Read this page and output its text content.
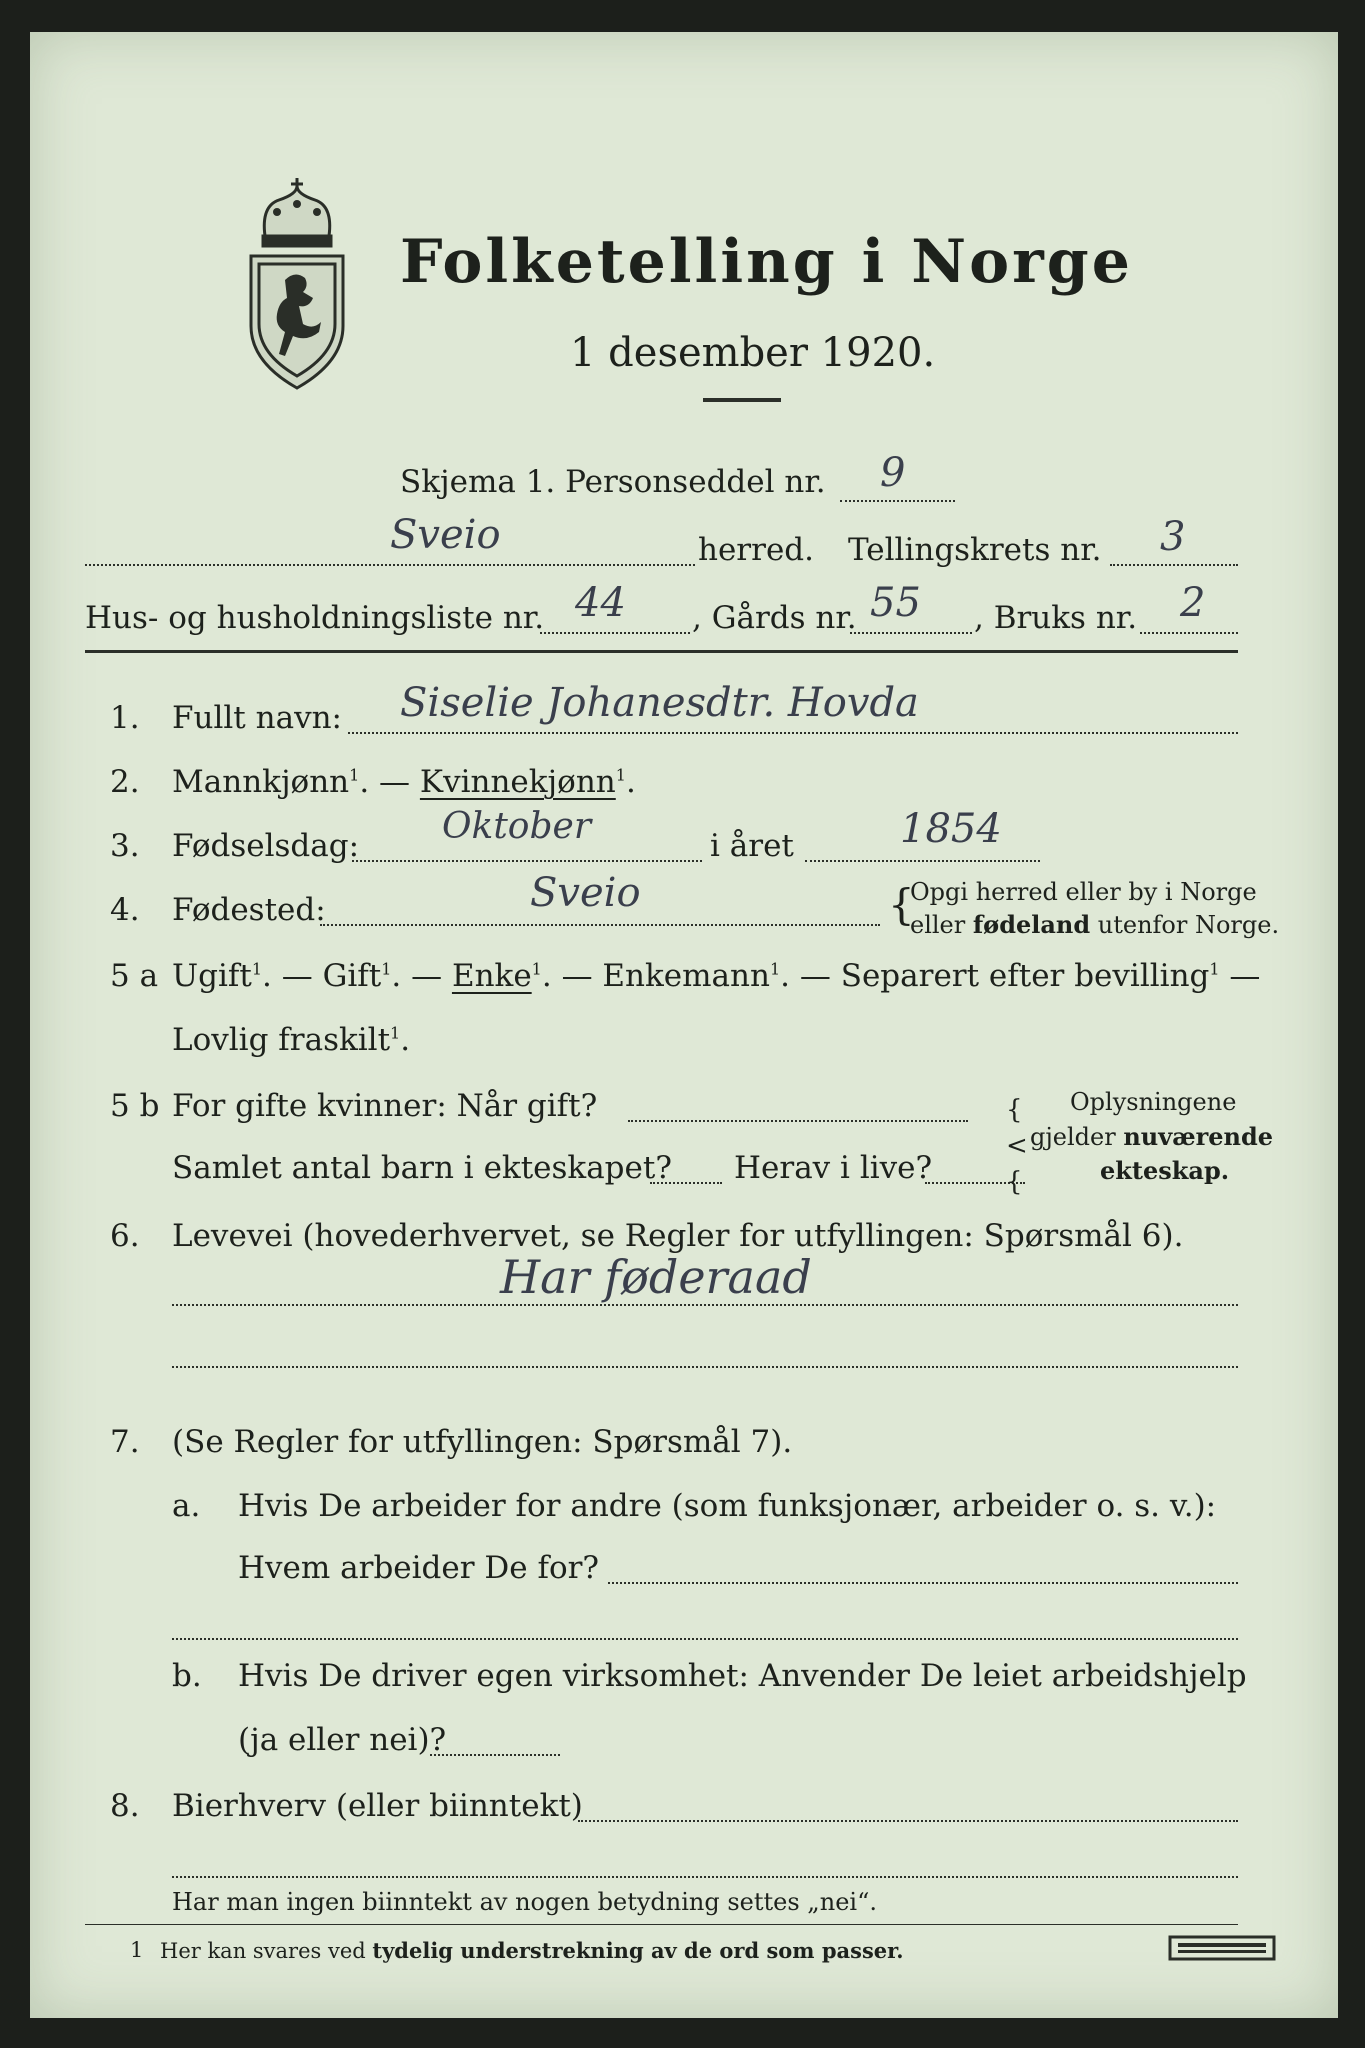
Folketelling i Norge
1 desember 1920.
Skjema 1. Personseddel nr. 9
Sveio	herred. Tellingskrets nr. 3
Hus- og husholdningsliste nr. 44 , Gårds nr. 55 , Bruks nr. 2
1. Fullt navn: Siselie Johanesdtr. Hovda
2. Mannkjønn$^1$. — Kvinnekjønn$^1$.
3. Fødselsdag: Oktober	i året	1854
4. Fødested:	Sveio	{
Opgi herred eller by i Norge
eller fødeland utenfor Norge.
5 a Ugift$^1$. — Gift$^1$. — Enke$^1$. — Enkemann$^1$. — Separert efter bevilling$^1$ —
Lovlig fraskilt$^1$.
5 b For gifte kvinner: Når gift?
Samlet antal barn i ekteskapet? Herav i live?
{
<
{
Oplysningene
gjelder nuværende
ekteskap.
6. Levevei (hovederhvervet, se Regler for utfyllingen: Spørsmål 6).
Har føderaad
7. (Se Regler for utfyllingen: Spørsmål 7).
a. Hvis De arbeider for andre (som funksjonær, arbeider o. s. v.):
Hvem arbeider De for?
b. Hvis De driver egen virksomhet: Anvender De leiet arbeidshjelp
(ja eller nei)?
8. Bierhverv (eller biinntekt)
Har man ingen biinntekt av nogen betydning settes „nei“.
1 Her kan svares ved tydelig understrekning av de ord som passer.
